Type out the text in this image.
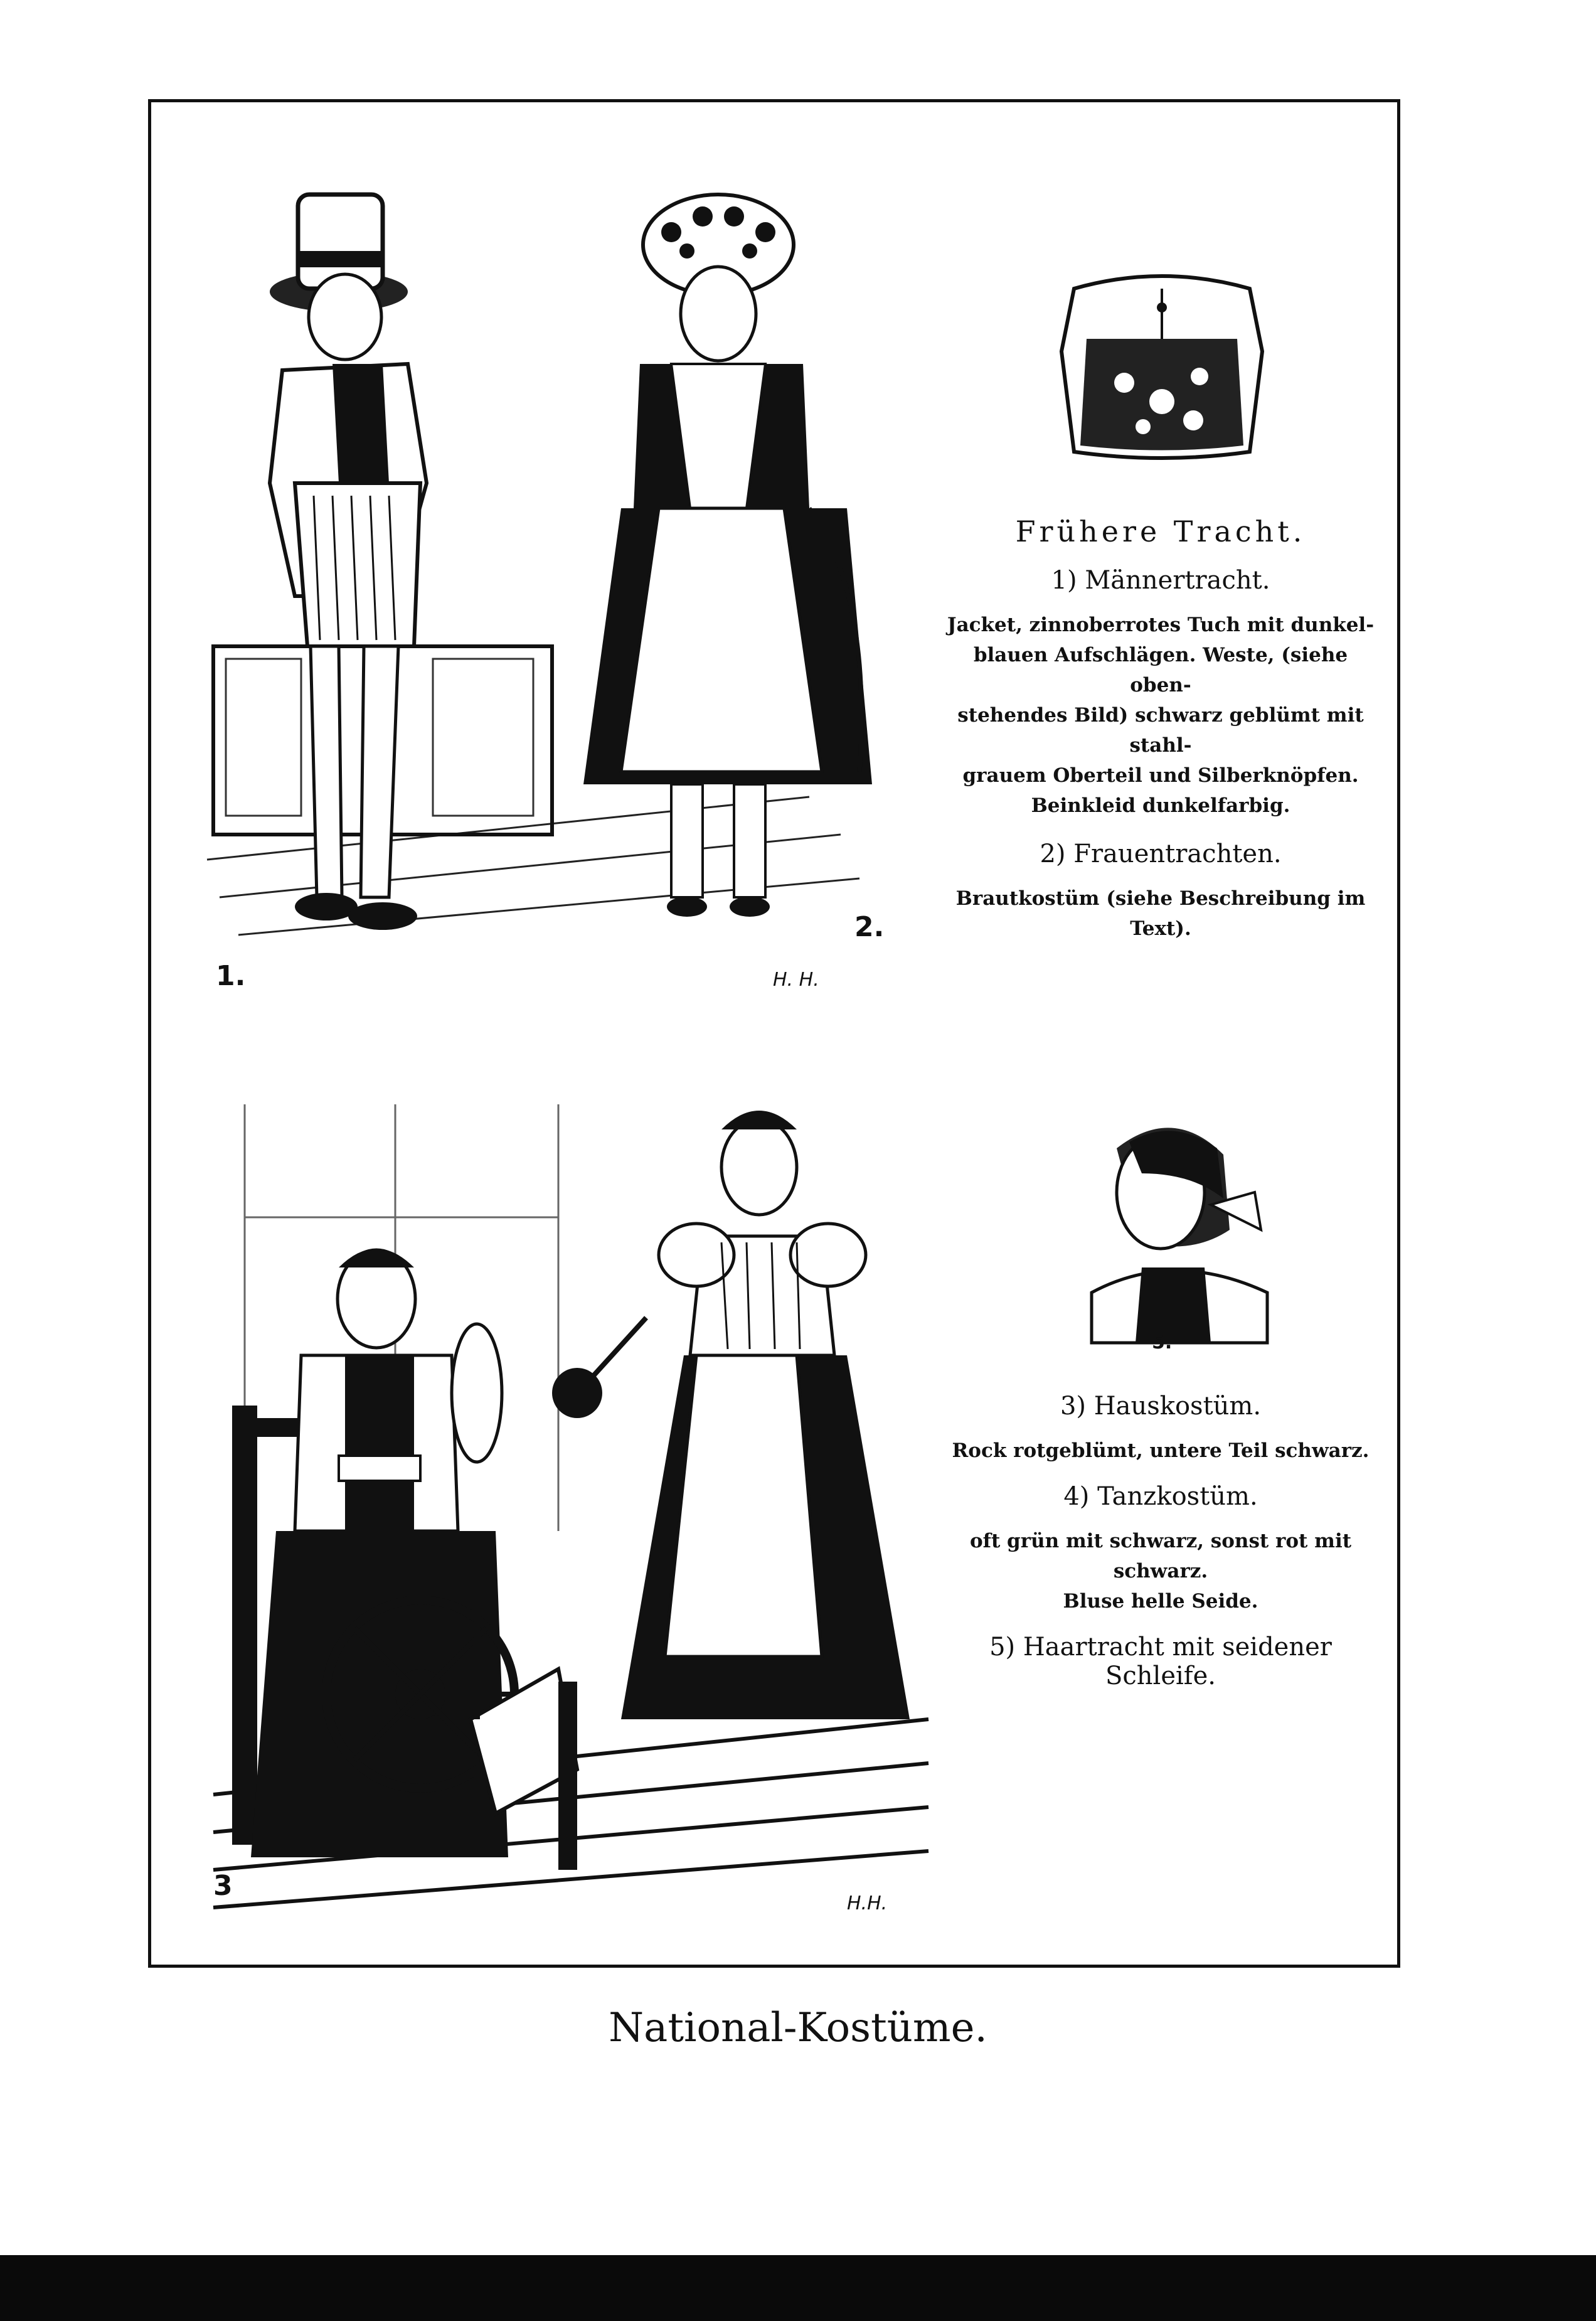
1.
2.
H. H.
Frühere Tracht.
1) Männertracht.
Jacket, zinnoberrotes Tuch mit dunkel-
blauen Aufschlägen. Weste, (siehe oben-
stehendes Bild) schwarz geblümt mit stahl-
grauem Oberteil und Silberknöpfen.
Beinkleid dunkelfarbig.
2) Frauentrachten.
Brautkostüm (siehe Beschreibung im Text).
5.
3) Hauskostüm.
Rock rotgeblümt, untere Teil schwarz.
4) Tanzkostüm.
oft grün mit schwarz, sonst rot mit schwarz.
Bluse helle Seide.
5) Haartracht mit seidener Schleife.
3
H.H.
National-Kostüme.
